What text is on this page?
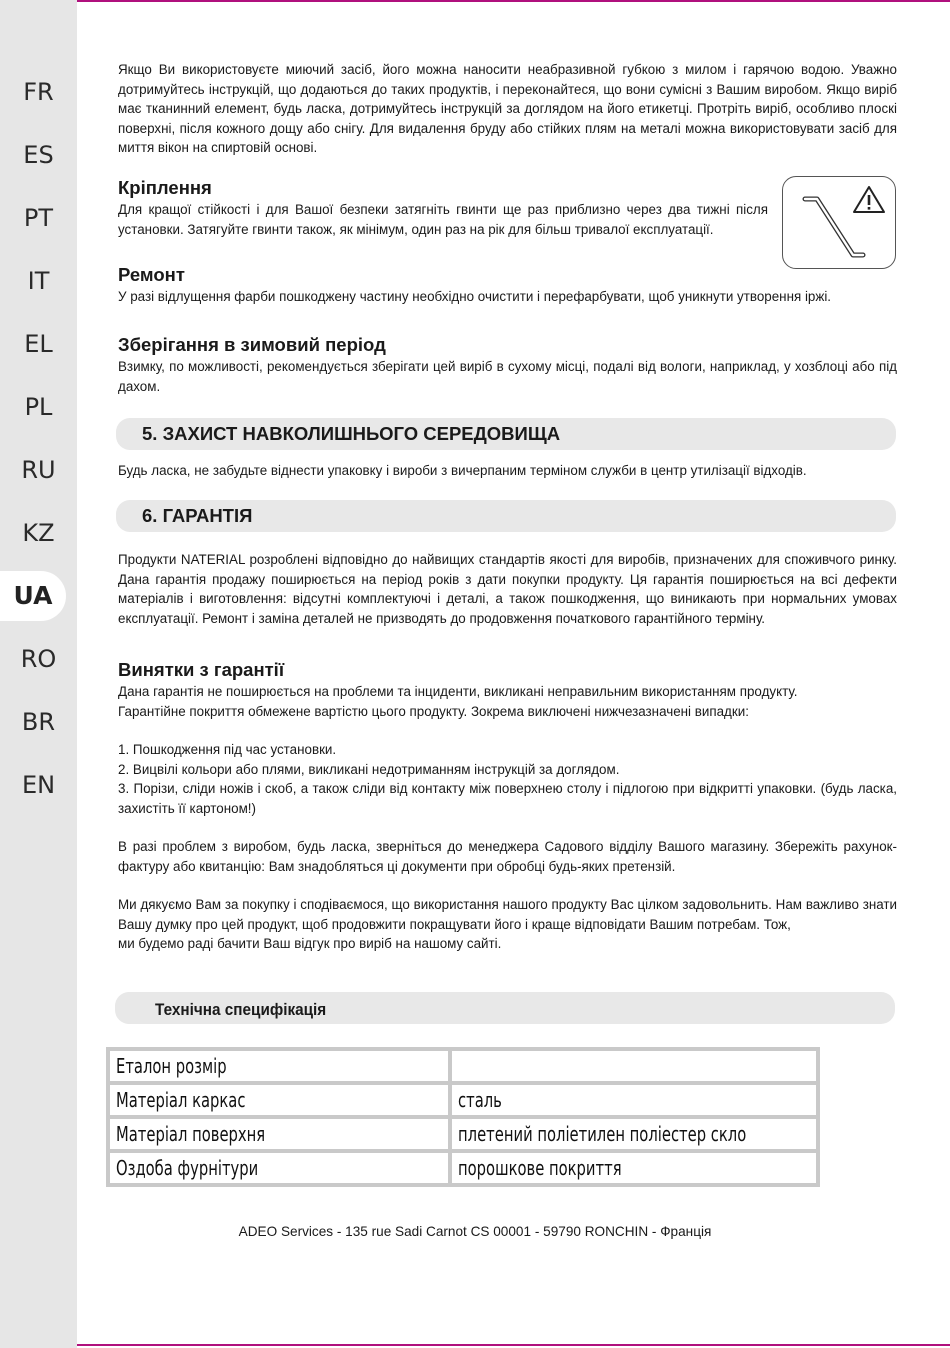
FR
ES
PT
IT
EL
PL
RU
KZ
UA
RO
BR
EN

Якщо Ви використовуєте миючий засіб, його можна наносити неабразивной губкою з милом і гарячою водою. Уважно дотримуйтесь інструкцій, що додаються до таких продуктів, і переконайтеся, що вони сумісні з Вашим виробом. Якщо виріб має тканинний елемент, будь ласка, дотримуйтесь інструкцій за доглядом на його етикетці. Протріть виріб, особливо плоскі поверхні, після кожного дощу або снігу. Для видалення бруду або стійких плям на металі можна використовувати засіб для миття вікон на спиртовій основі.

Кріплення

Для кращої стійкості і для Вашої безпеки затягніть гвинти ще раз приблизно через два тижні після установки. Затягуйте гвинти також, як мінімум, один раз на рік для більш тривалої експлуатації.

Ремонт

У разі відлущення фарби пошкоджену частину необхідно очистити і перефарбувати, щоб уникнути утворення іржі.

Зберігання в зимовий період

Взимку, по можливості, рекомендується зберігати цей виріб в сухому місці, подалі від вологи, наприклад, у хозблоці або під дахом.

5. ЗАХИСТ НАВКОЛИШНЬОГО СЕРЕДОВИЩА

Будь ласка, не забудьте віднести упаковку і вироби з вичерпаним терміном служби в центр утилізації відходів.

6. ГАРАНТІЯ

Продукти NATERIAL розроблені відповідно до найвищих стандартів якості для виробів, призначених для споживчого ринку. Дана гарантія продажу поширюється на період років з дати покупки продукту. Ця гарантія поширюється на всі дефекти матеріалів і виготовлення: відсутні комплектуючі і деталі, а також пошкодження, що виникають при нормальних умовах експлуатації. Ремонт і заміна деталей не призводять до продовження початкового гарантійного терміну.

Винятки з гарантії

Дана гарантія не поширюється на проблеми та інциденти, викликані неправильним використанням продукту.

Гарантійне покриття обмежене вартістю цього продукту. Зокрема виключені нижчезазначені випадки:

1. Пошкодження під час установки.
2. Вицвілі кольори або плями, викликані недотриманням інструкцій за доглядом.
3. Порізи, сліди ножів і скоб, а також сліди від контакту між поверхнею столу і підлогою при відкритті упаковки. (будь ласка, захистіть її картоном!)

В разі проблем з виробом, будь ласка, зверніться до менеджера Садового відділу Вашого магазину. Збережіть рахунок-фактуру або квитанцію: Вам знадобляться ці документи при обробці будь-яких претензій.

Ми дякуємо Вам за покупку і сподіваємося, що використання нашого продукту Вас цілком задовольнить. Нам важливо знати Вашу думку про цей продукт, щоб продовжити покращувати його і краще відповідати Вашим потребам. Тож,

ми будемо раді бачити Ваш відгук про виріб на нашому сайті.

Технічна специфікація
Еталон розмір	
Матеріал каркас	сталь
Матеріал поверхня	плетений поліетилен поліестер скло
Оздоба фурнітури	порошкове покриття
ADEO Services - 135 rue Sadi Carnot CS 00001 - 59790 RONCHIN - Франція
